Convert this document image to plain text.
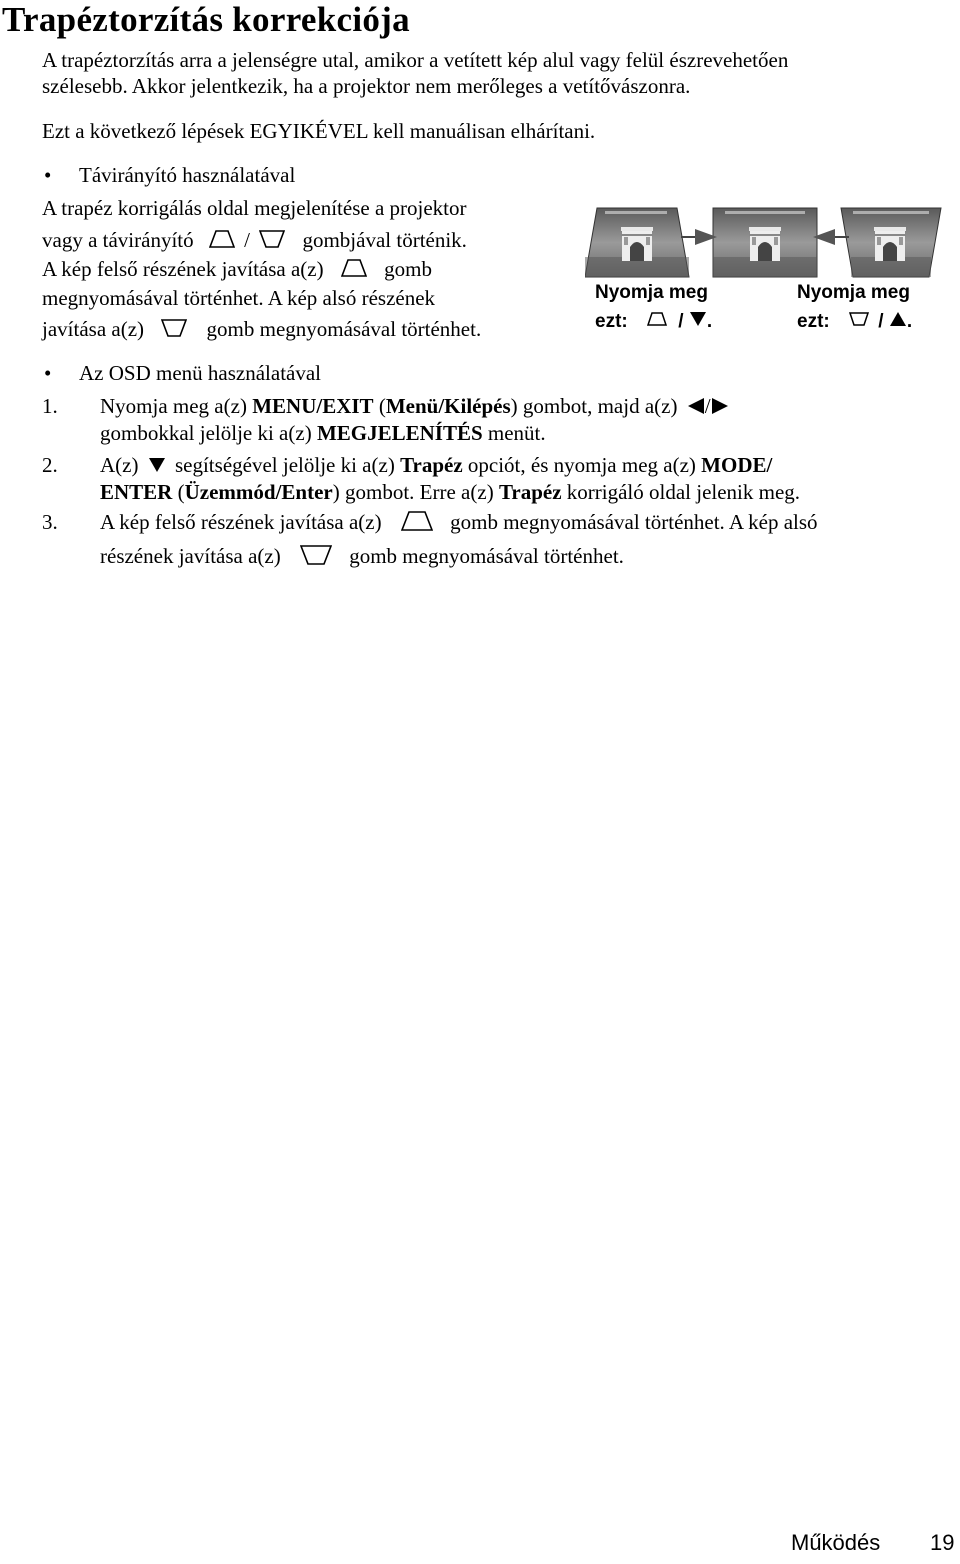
Trapéztorzítás korrekciója
A trapéztorzítás arra a jelenségre utal, amikor a vetített kép alul vagy felül észrevehetően
szélesebb. Akkor jelentkezik, ha a projektor nem merőleges a vetítővászonra.
Ezt a következő lépések EGYIKÉVEL kell manuálisan elhárítani.
• Távirányító használatával
A trapéz korrigálás oldal megjelenítése a projektor
vagy a távirányító /	gombjával történik.
A kép felső részének javítása a(z)	gomb
megnyomásával történhet. A kép alsó részének
javítása a(z)	gomb megnyomásával történhet.
Nyomja meg
ezt:	/ .
Nyomja meg
ezt:	/ .
• Az OSD menü használatával
1. Nyomja meg a(z) MENU/EXIT (Menü/Kilépés) gombot, majd a(z) /
gombokkal jelölje ki a(z) MEGJELENÍTÉS menüt.
2. A(z) segítségével jelölje ki a(z) Trapéz opciót, és nyomja meg a(z) MODE/
ENTER (Üzemmód/Enter) gombot. Erre a(z) Trapéz korrigáló oldal jelenik meg.
3. A kép felső részének javítása a(z)	gomb megnyomásával történhet. A kép alsó
részének javítása a(z)	gomb megnyomásával történhet.
Működés 19
